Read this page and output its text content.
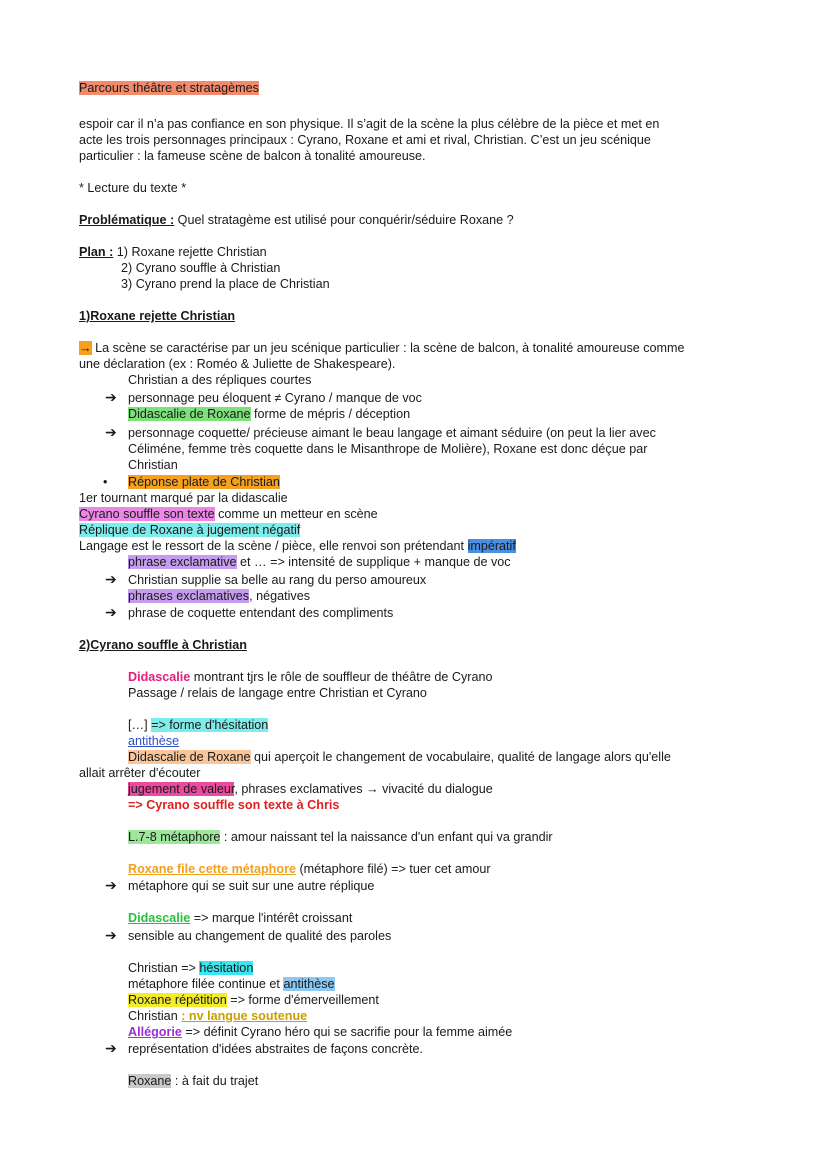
Parcours théâtre et stratagèmes
espoir car il n’a pas confiance en son physique. Il s’agit de la scène la plus célèbre de la pièce et met en
acte les trois personnages principaux : Cyrano, Roxane et ami et rival, Christian. C’est un jeu scénique
particulier : la fameuse scène de balcon à tonalité amoureuse.
* Lecture du texte *
Problématique : Quel stratagème est utilisé pour conquérir/séduire Roxane ?
Plan : 1) Roxane rejette Christian
2) Cyrano souffle à Christian
3) Cyrano prend la place de Christian
1)Roxane rejette Christian
→ La scène se caractérise par un jeu scénique particulier : la scène de balcon, à tonalité amoureuse comme
une déclaration (ex : Roméo & Juliette de Shakespeare).
Christian a des répliques courtes
➔ personnage peu éloquent ≠ Cyrano / manque de voc
Didascalie de Roxane forme de mépris / déception
➔ personnage coquette/ précieuse aimant le beau langage et aimant séduire (on peut la lier avec
Céliméne, femme très coquette dans le Misanthrope de Molière), Roxane est donc déçue par
Christian
• Réponse plate de Christian
1er tournant marqué par la didascalie
Cyrano souffle son texte comme un metteur en scène
Réplique de Roxane à jugement négatif
Langage est le ressort de la scène / pièce, elle renvoi son prétendant impératif
phrase exclamative et … => intensité de supplique + manque de voc
➔ Christian supplie sa belle au rang du perso amoureux
phrases exclamatives, négatives
➔ phrase de coquette entendant des compliments
2)Cyrano souffle à Christian
Didascalie montrant tjrs le rôle de souffleur de théâtre de Cyrano
Passage / relais de langage entre Christian et Cyrano
[…] => forme d'hésitation
antithèse
Didascalie de Roxane qui aperçoit le changement de vocabulaire, qualité de langage alors qu'elle
allait arrêter d'écouter
jugement de valeur, phrases exclamatives → vivacité du dialogue
=> Cyrano souffle son texte à Chris
L.7-8 métaphore : amour naissant tel la naissance d'un enfant qui va grandir
Roxane file cette métaphore (métaphore filé) => tuer cet amour
➔ métaphore qui se suit sur une autre réplique
Didascalie => marque l'intérêt croissant
➔ sensible au changement de qualité des paroles
Christian => hésitation
métaphore filée continue et antithèse
Roxane répétition => forme d'émerveillement
Christian : nv langue soutenue
Allégorie => définit Cyrano héro qui se sacrifie pour la femme aimée
➔ représentation d'idées abstraites de façons concrète.
Roxane : à fait du trajet
